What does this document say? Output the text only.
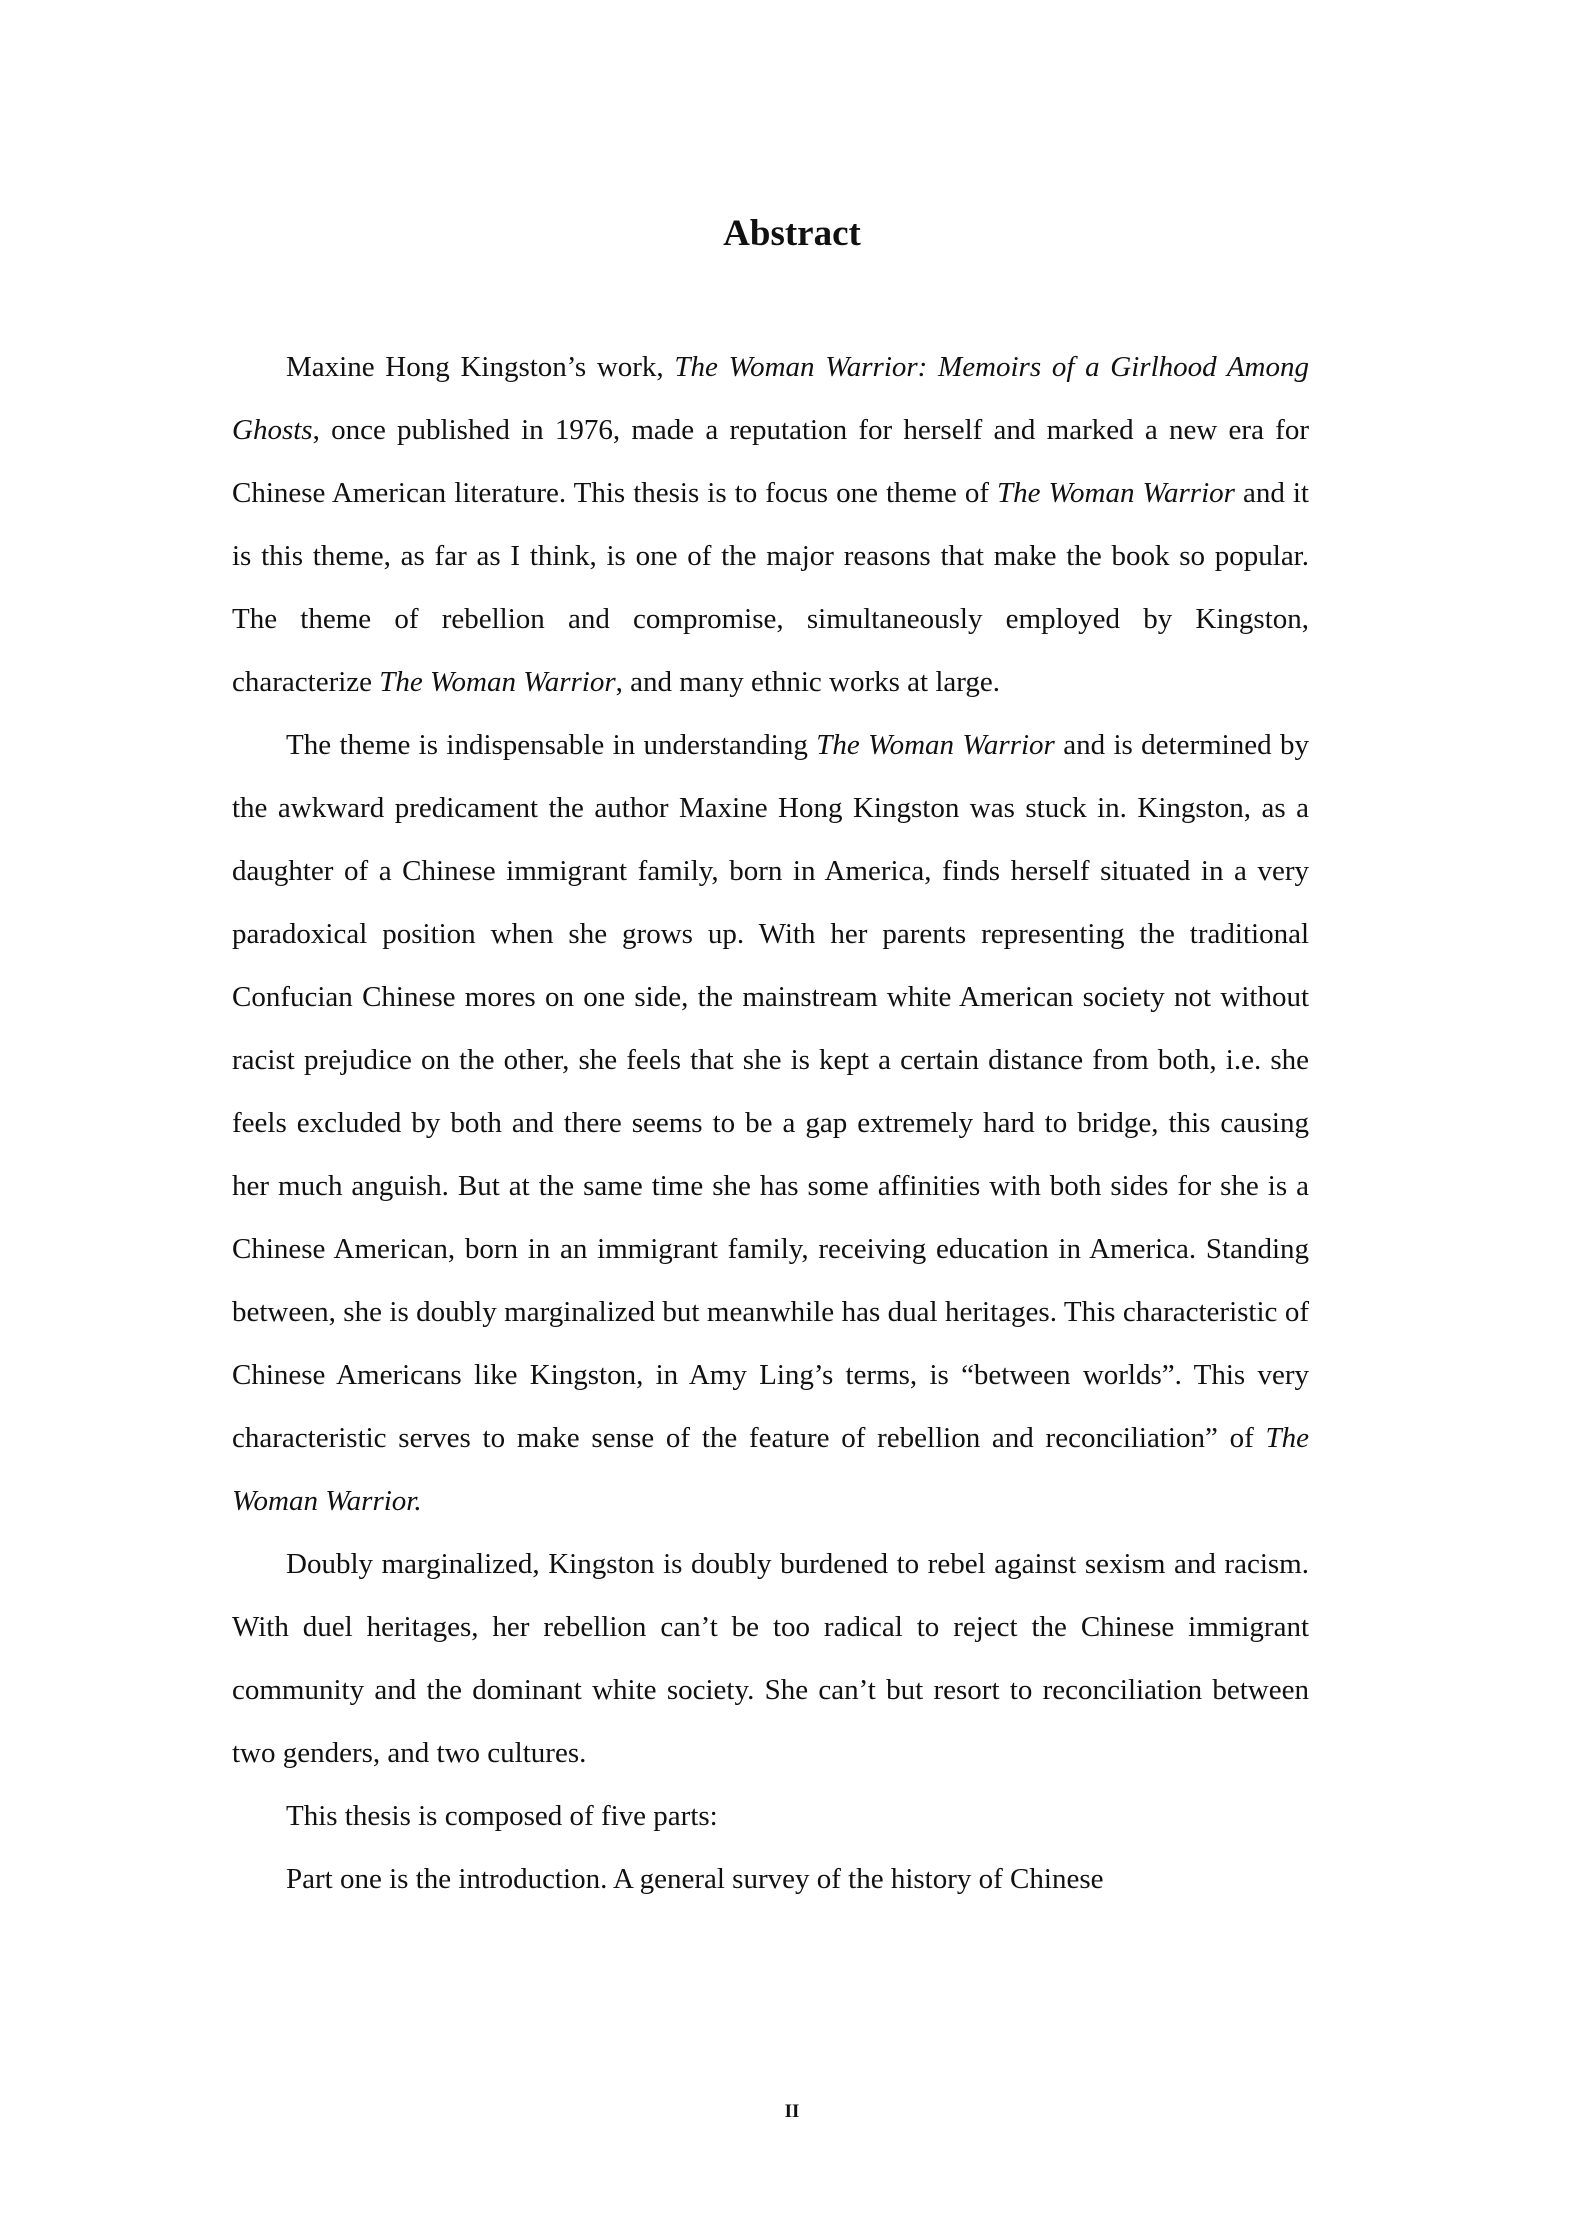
Abstract

Maxine Hong Kingston’s work, The Woman Warrior: Memoirs of a Girlhood Among Ghosts, once published in 1976, made a reputation for herself and marked a new era for Chinese American literature. This thesis is to focus one theme of The Woman Warrior and it is this theme, as far as I think, is one of the major reasons that make the book so popular. The theme of rebellion and compromise, simultaneously employed by Kingston, characterize The Woman Warrior, and many ethnic works at large.

The theme is indispensable in understanding The Woman Warrior and is determined by the awkward predicament the author Maxine Hong Kingston was stuck in. Kingston, as a daughter of a Chinese immigrant family, born in America, finds herself situated in a very paradoxical position when she grows up. With her parents representing the traditional Confucian Chinese mores on one side, the mainstream white American society not without racist prejudice on the other, she feels that she is kept a certain distance from both, i.e. she feels excluded by both and there seems to be a gap extremely hard to bridge, this causing her much anguish. But at the same time she has some affinities with both sides for she is a Chinese American, born in an immigrant family, receiving education in America. Standing between, she is doubly marginalized but meanwhile has dual heritages. This characteristic of Chinese Americans like Kingston, in Amy Ling’s terms, is “between worlds”. This very characteristic serves to make sense of the feature of rebellion and reconciliation” of The Woman Warrior.

Doubly marginalized, Kingston is doubly burdened to rebel against sexism and racism. With duel heritages, her rebellion can’t be too radical to reject the Chinese immigrant community and the dominant white society. She can’t but resort to reconciliation between two genders, and two cultures.

This thesis is composed of five parts:

Part one is the introduction. A general survey of the history of Chinese

II
